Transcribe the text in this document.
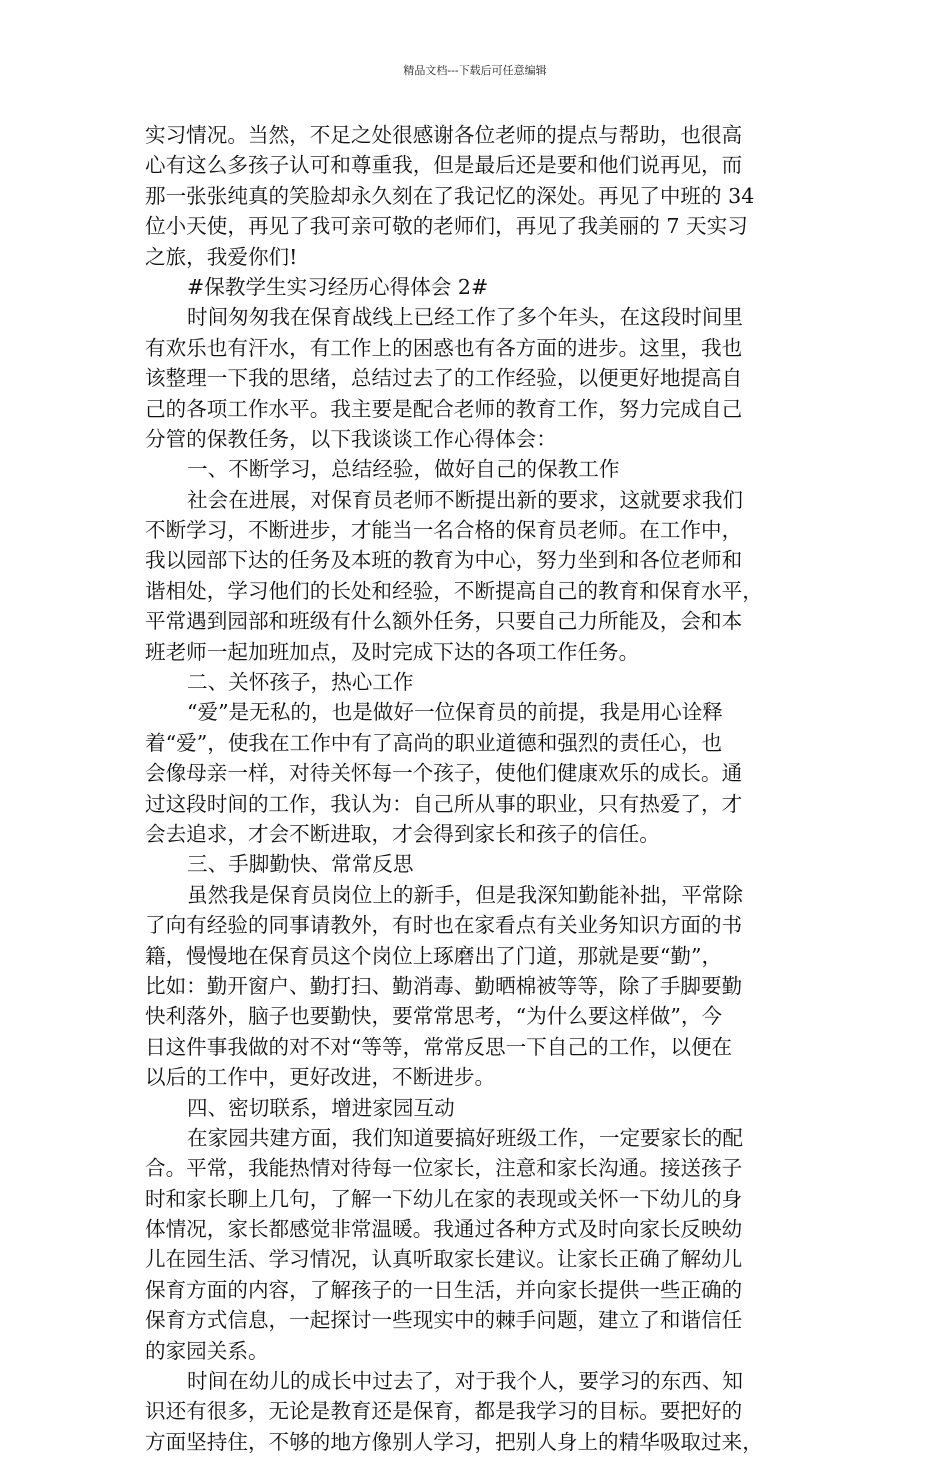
精品文档---下载后可任意编辑
实习情况。当然，不足之处很感谢各位老师的提点与帮助，也很高
心有这么多孩子认可和尊重我，但是最后还是要和他们说再见，而
那一张张纯真的笑脸却永久刻在了我记忆的深处。再见了中班的 34
位小天使，再见了我可亲可敬的老师们，再见了我美丽的 7 天实习
之旅，我爱你们!
#保教学生实习经历心得体会 2#
时间匆匆我在保育战线上已经工作了多个年头，在这段时间里
有欢乐也有汗水，有工作上的困惑也有各方面的进步。这里，我也
该整理一下我的思绪，总结过去了的工作经验，以便更好地提高自
己的各项工作水平。我主要是配合老师的教育工作，努力完成自己
分管的保教任务，以下我谈谈工作心得体会：
一、不断学习，总结经验，做好自己的保教工作
社会在进展，对保育员老师不断提出新的要求，这就要求我们
不断学习，不断进步，才能当一名合格的保育员老师。在工作中，
我以园部下达的任务及本班的教育为中心，努力坐到和各位老师和
谐相处，学习他们的长处和经验，不断提高自己的教育和保育水平，
平常遇到园部和班级有什么额外任务，只要自己力所能及，会和本
班老师一起加班加点，及时完成下达的各项工作任务。
二、关怀孩子，热心工作
“爱”是无私的，也是做好一位保育员的前提，我是用心诠释
着“爱”，使我在工作中有了高尚的职业道德和强烈的责任心，也
会像母亲一样，对待关怀每一个孩子，使他们健康欢乐的成长。通
过这段时间的工作，我认为：自己所从事的职业，只有热爱了，才
会去追求，才会不断进取，才会得到家长和孩子的信任。
三、手脚勤快、常常反思
虽然我是保育员岗位上的新手，但是我深知勤能补拙，平常除
了向有经验的同事请教外，有时也在家看点有关业务知识方面的书
籍，慢慢地在保育员这个岗位上琢磨出了门道，那就是要“勤”，
比如：勤开窗户、勤打扫、勤消毒、勤晒棉被等等，除了手脚要勤
快利落外，脑子也要勤快，要常常思考，“为什么要这样做”，今
日这件事我做的对不对“等等，常常反思一下自己的工作，以便在
以后的工作中，更好改进，不断进步。
四、密切联系，增进家园互动
在家园共建方面，我们知道要搞好班级工作，一定要家长的配
合。平常，我能热情对待每一位家长，注意和家长沟通。接送孩子
时和家长聊上几句，了解一下幼儿在家的表现或关怀一下幼儿的身
体情况，家长都感觉非常温暖。我通过各种方式及时向家长反映幼
儿在园生活、学习情况，认真听取家长建议。让家长正确了解幼儿
保育方面的内容，了解孩子的一日生活，并向家长提供一些正确的
保育方式信息，一起探讨一些现实中的棘手问题，建立了和谐信任
的家园关系。
时间在幼儿的成长中过去了，对于我个人，要学习的东西、知
识还有很多，无论是教育还是保育，都是我学习的目标。要把好的
方面坚持住，不够的地方像别人学习，把别人身上的精华吸取过来，
